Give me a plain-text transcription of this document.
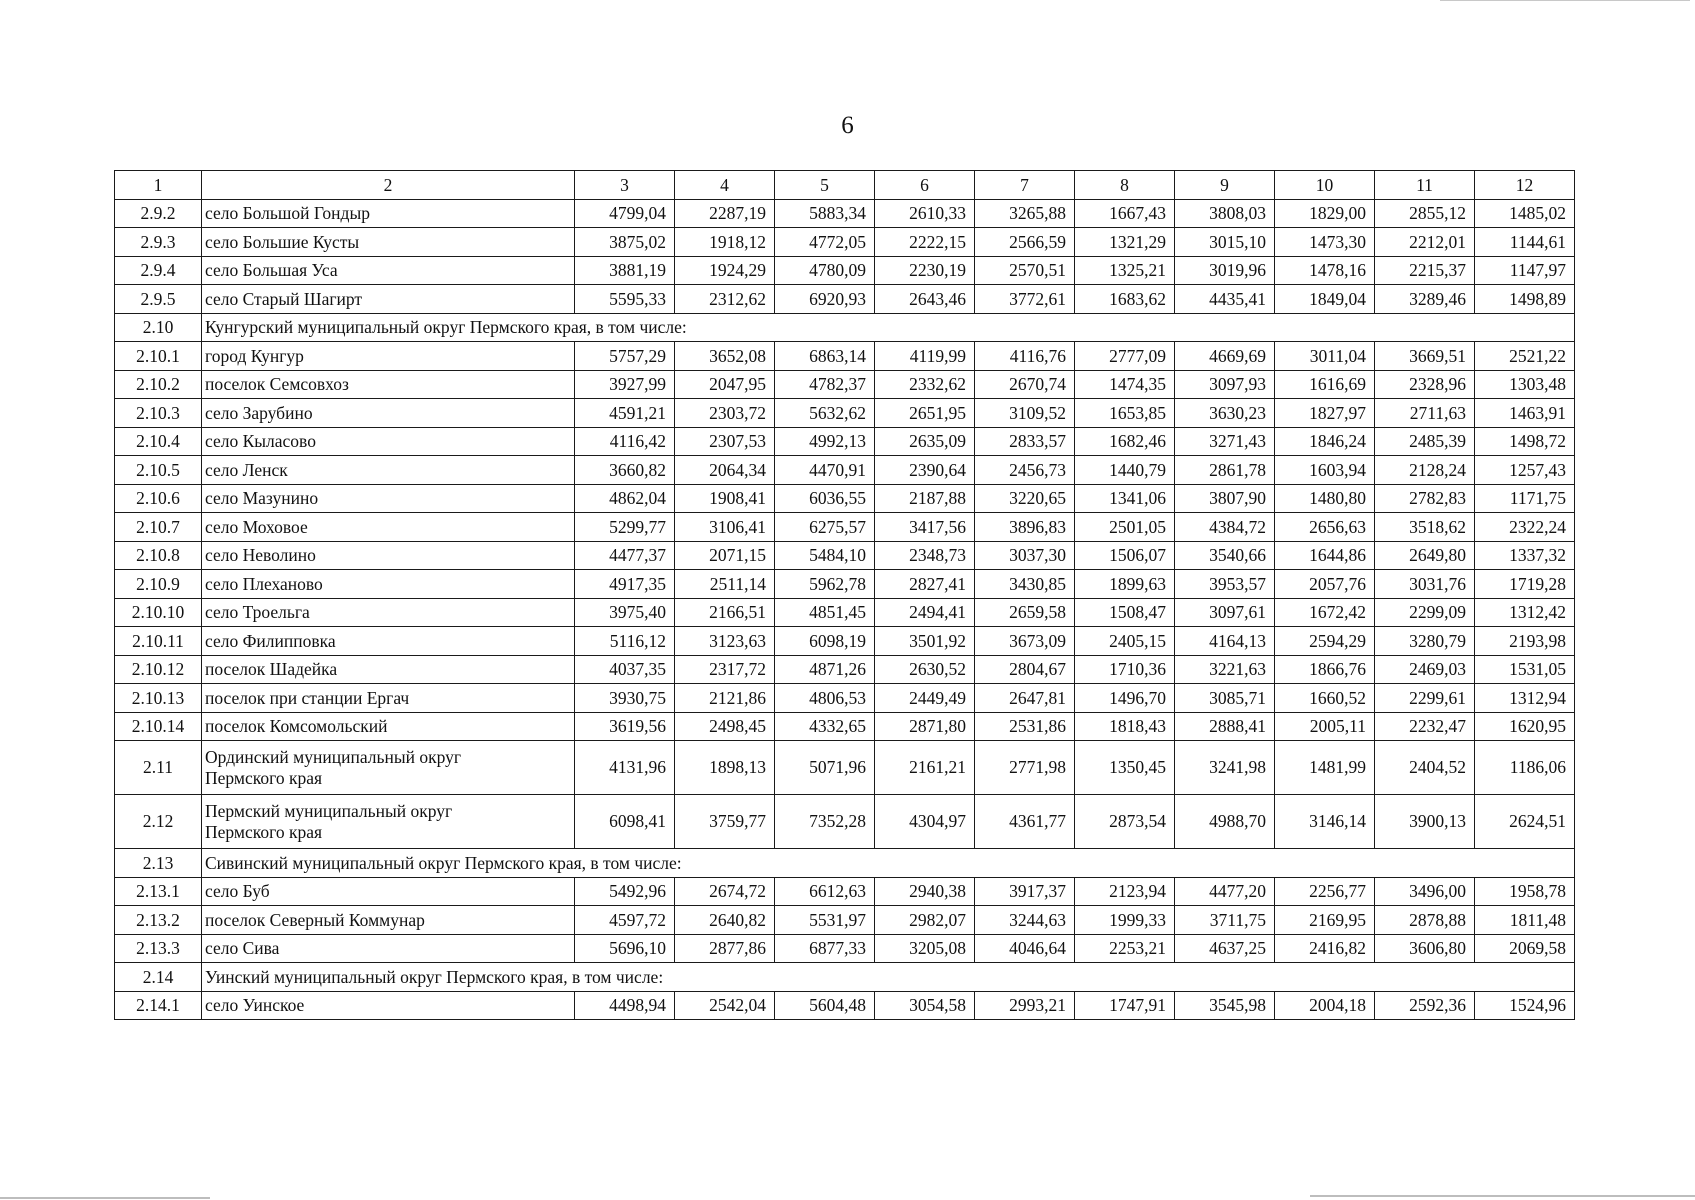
6
1	2	3	4	5	6	7	8	9	10	11	12
2.9.2	село Большой Гондыр	4799,04	2287,19	5883,34	2610,33	3265,88	1667,43	3808,03	1829,00	2855,12	1485,02
2.9.3	село Большие Кусты	3875,02	1918,12	4772,05	2222,15	2566,59	1321,29	3015,10	1473,30	2212,01	1144,61
2.9.4	село Большая Уса	3881,19	1924,29	4780,09	2230,19	2570,51	1325,21	3019,96	1478,16	2215,37	1147,97
2.9.5	село Старый Шагирт	5595,33	2312,62	6920,93	2643,46	3772,61	1683,62	4435,41	1849,04	3289,46	1498,89
2.10	Кунгурский муниципальный округ Пермского края, в том числе:										
2.10.1	город Кунгур	5757,29	3652,08	6863,14	4119,99	4116,76	2777,09	4669,69	3011,04	3669,51	2521,22
2.10.2	поселок Семсовхоз	3927,99	2047,95	4782,37	2332,62	2670,74	1474,35	3097,93	1616,69	2328,96	1303,48
2.10.3	село Зарубино	4591,21	2303,72	5632,62	2651,95	3109,52	1653,85	3630,23	1827,97	2711,63	1463,91
2.10.4	село Кыласово	4116,42	2307,53	4992,13	2635,09	2833,57	1682,46	3271,43	1846,24	2485,39	1498,72
2.10.5	село Ленск	3660,82	2064,34	4470,91	2390,64	2456,73	1440,79	2861,78	1603,94	2128,24	1257,43
2.10.6	село Мазунино	4862,04	1908,41	6036,55	2187,88	3220,65	1341,06	3807,90	1480,80	2782,83	1171,75
2.10.7	село Моховое	5299,77	3106,41	6275,57	3417,56	3896,83	2501,05	4384,72	2656,63	3518,62	2322,24
2.10.8	село Неволино	4477,37	2071,15	5484,10	2348,73	3037,30	1506,07	3540,66	1644,86	2649,80	1337,32
2.10.9	село Плеханово	4917,35	2511,14	5962,78	2827,41	3430,85	1899,63	3953,57	2057,76	3031,76	1719,28
2.10.10	село Троельга	3975,40	2166,51	4851,45	2494,41	2659,58	1508,47	3097,61	1672,42	2299,09	1312,42
2.10.11	село Филипповка	5116,12	3123,63	6098,19	3501,92	3673,09	2405,15	4164,13	2594,29	3280,79	2193,98
2.10.12	поселок Шадейка	4037,35	2317,72	4871,26	2630,52	2804,67	1710,36	3221,63	1866,76	2469,03	1531,05
2.10.13	поселок при станции Ергач	3930,75	2121,86	4806,53	2449,49	2647,81	1496,70	3085,71	1660,52	2299,61	1312,94
2.10.14	поселок Комсомольский	3619,56	2498,45	4332,65	2871,80	2531,86	1818,43	2888,41	2005,11	2232,47	1620,95
2.11	Ординский муниципальный округ Пермского края	4131,96	1898,13	5071,96	2161,21	2771,98	1350,45	3241,98	1481,99	2404,52	1186,06
2.12	Пермский муниципальный округ Пермского края	6098,41	3759,77	7352,28	4304,97	4361,77	2873,54	4988,70	3146,14	3900,13	2624,51
2.13	Сивинский муниципальный округ Пермского края, в том числе:										
2.13.1	село Буб	5492,96	2674,72	6612,63	2940,38	3917,37	2123,94	4477,20	2256,77	3496,00	1958,78
2.13.2	поселок Северный Коммунар	4597,72	2640,82	5531,97	2982,07	3244,63	1999,33	3711,75	2169,95	2878,88	1811,48
2.13.3	село Сива	5696,10	2877,86	6877,33	3205,08	4046,64	2253,21	4637,25	2416,82	3606,80	2069,58
2.14	Уинский муниципальный округ Пермского края, в том числе:										
2.14.1	село Уинское	4498,94	2542,04	5604,48	3054,58	2993,21	1747,91	3545,98	2004,18	2592,36	1524,96
